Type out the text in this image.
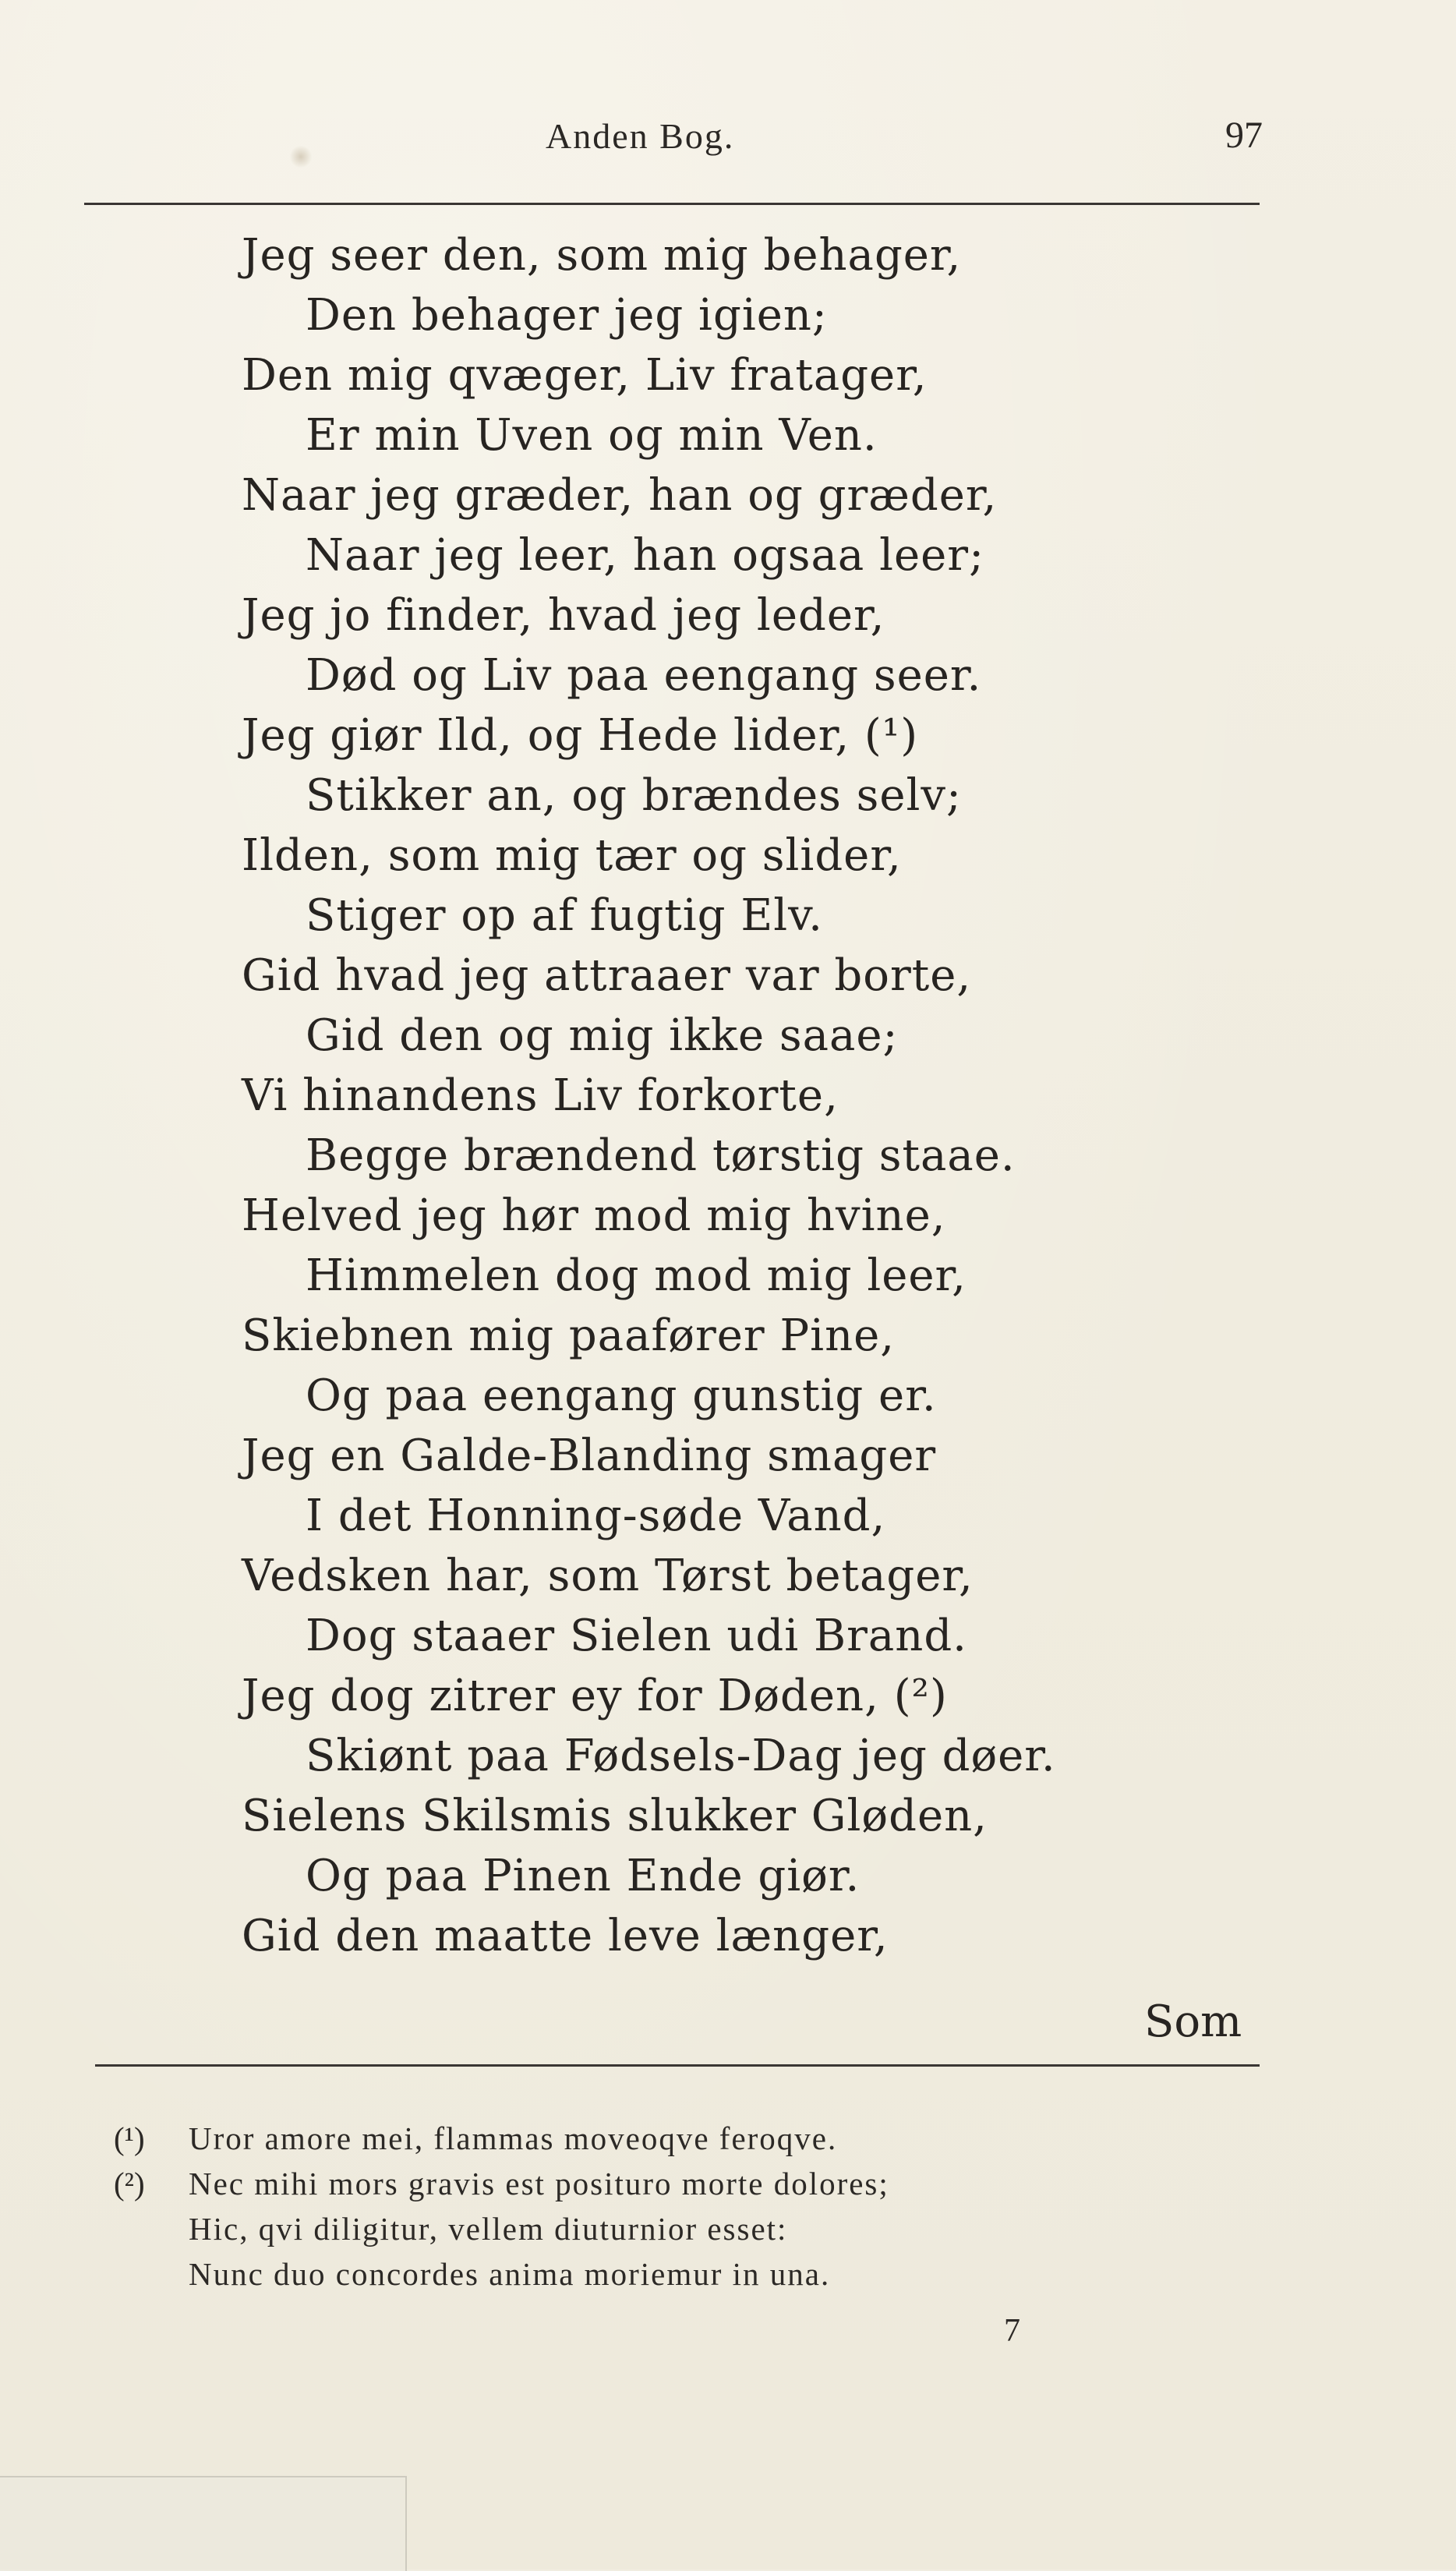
Anden Bog.	97
Jeg seer den, som mig behager,
Den behager jeg igien;
Den mig qvæger, Liv fratager,
Er min Uven og min Ven.
Naar jeg græder, han og græder,
Naar jeg leer, han ogsaa leer;
Jeg jo finder, hvad jeg leder,
Død og Liv paa eengang seer.
Jeg giør Ild, og Hede lider, (¹)
Stikker an, og brændes selv;
Ilden, som mig tær og slider,
Stiger op af fugtig Elv.
Gid hvad jeg attraaer var borte,
Gid den og mig ikke saae;
Vi hinandens Liv forkorte,
Begge brændend tørstig staae.
Helved jeg hør mod mig hvine,
Himmelen dog mod mig leer,
Skiebnen mig paafører Pine,
Og paa eengang gunstig er.
Jeg en Galde-Blanding smager
I det Honning-søde Vand,
Vedsken har, som Tørst betager,
Dog staaer Sielen udi Brand.
Jeg dog zitrer ey for Døden, (²)
Skiønt paa Fødsels-Dag jeg døer.
Sielens Skilsmis slukker Gløden,
Og paa Pinen Ende giør.
Gid den maatte leve længer,
Som
(¹)	Uror amore mei, flammas moveoqve feroqve.
(²)	Nec mihi mors gravis est posituro morte dolores;
Hic, qvi diligitur, vellem diuturnior esset:
Nunc duo concordes anima moriemur in una.
7
